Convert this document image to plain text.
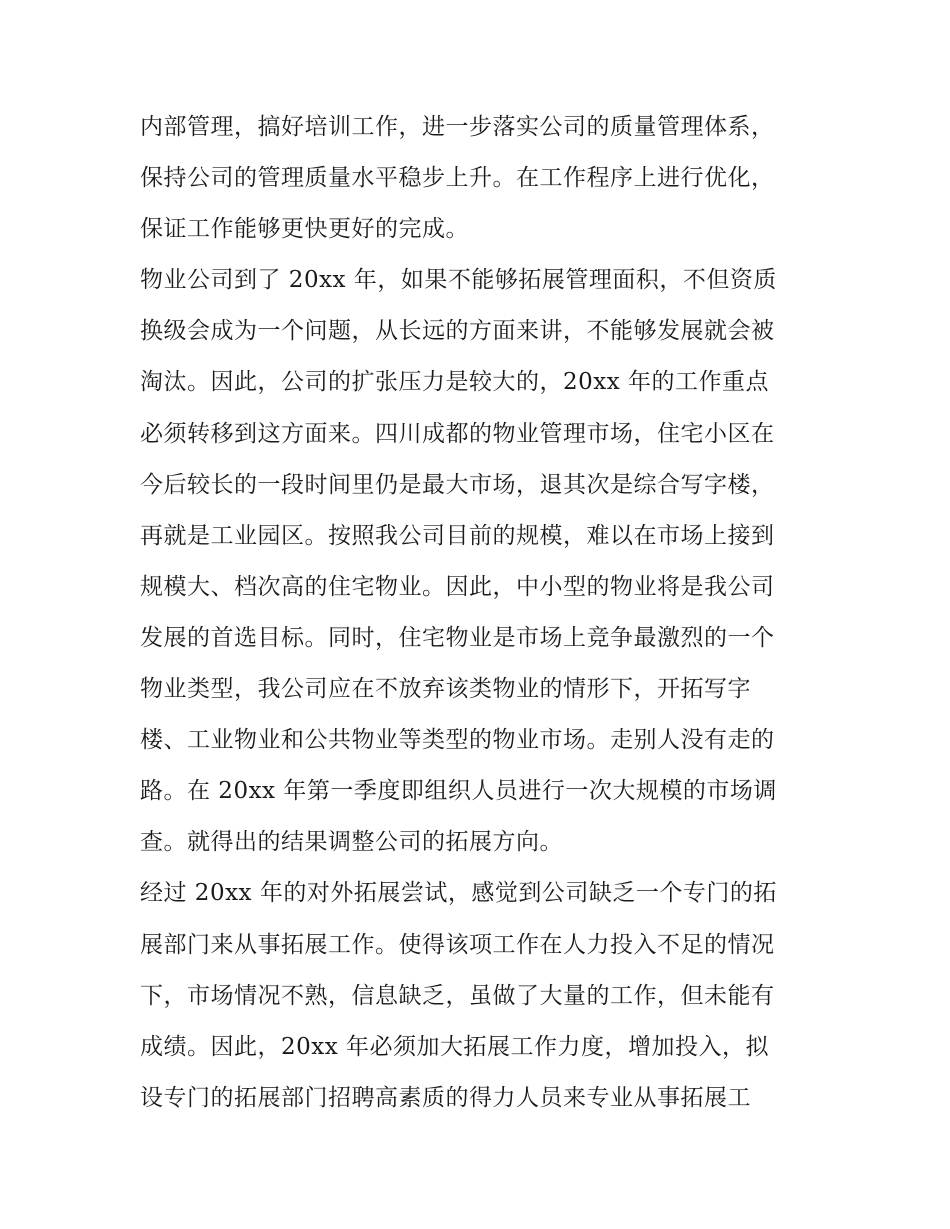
内部管理，搞好培训工作，进一步落实公司的质量管理体系，
保持公司的管理质量水平稳步上升。在工作程序上进行优化，
保证工作能够更快更好的完成。
物业公司到了 20xx 年，如果不能够拓展管理面积，不但资质
换级会成为一个问题，从长远的方面来讲，不能够发展就会被
淘汰。因此，公司的扩张压力是较大的，20xx 年的工作重点
必须转移到这方面来。四川成都的物业管理市场，住宅小区在
今后较长的一段时间里仍是最大市场，退其次是综合写字楼，
再就是工业园区。按照我公司目前的规模，难以在市场上接到
规模大、档次高的住宅物业。因此，中小型的物业将是我公司
发展的首选目标。同时，住宅物业是市场上竞争最激烈的一个
物业类型，我公司应在不放弃该类物业的情形下，开拓写字
楼、工业物业和公共物业等类型的物业市场。走别人没有走的
路。在 20xx 年第一季度即组织人员进行一次大规模的市场调
查。就得出的结果调整公司的拓展方向。
经过 20xx 年的对外拓展尝试，感觉到公司缺乏一个专门的拓
展部门来从事拓展工作。使得该项工作在人力投入不足的情况
下，市场情况不熟，信息缺乏，虽做了大量的工作，但未能有
成绩。因此，20xx 年必须加大拓展工作力度，增加投入，拟
设专门的拓展部门招聘高素质的得力人员来专业从事拓展工
